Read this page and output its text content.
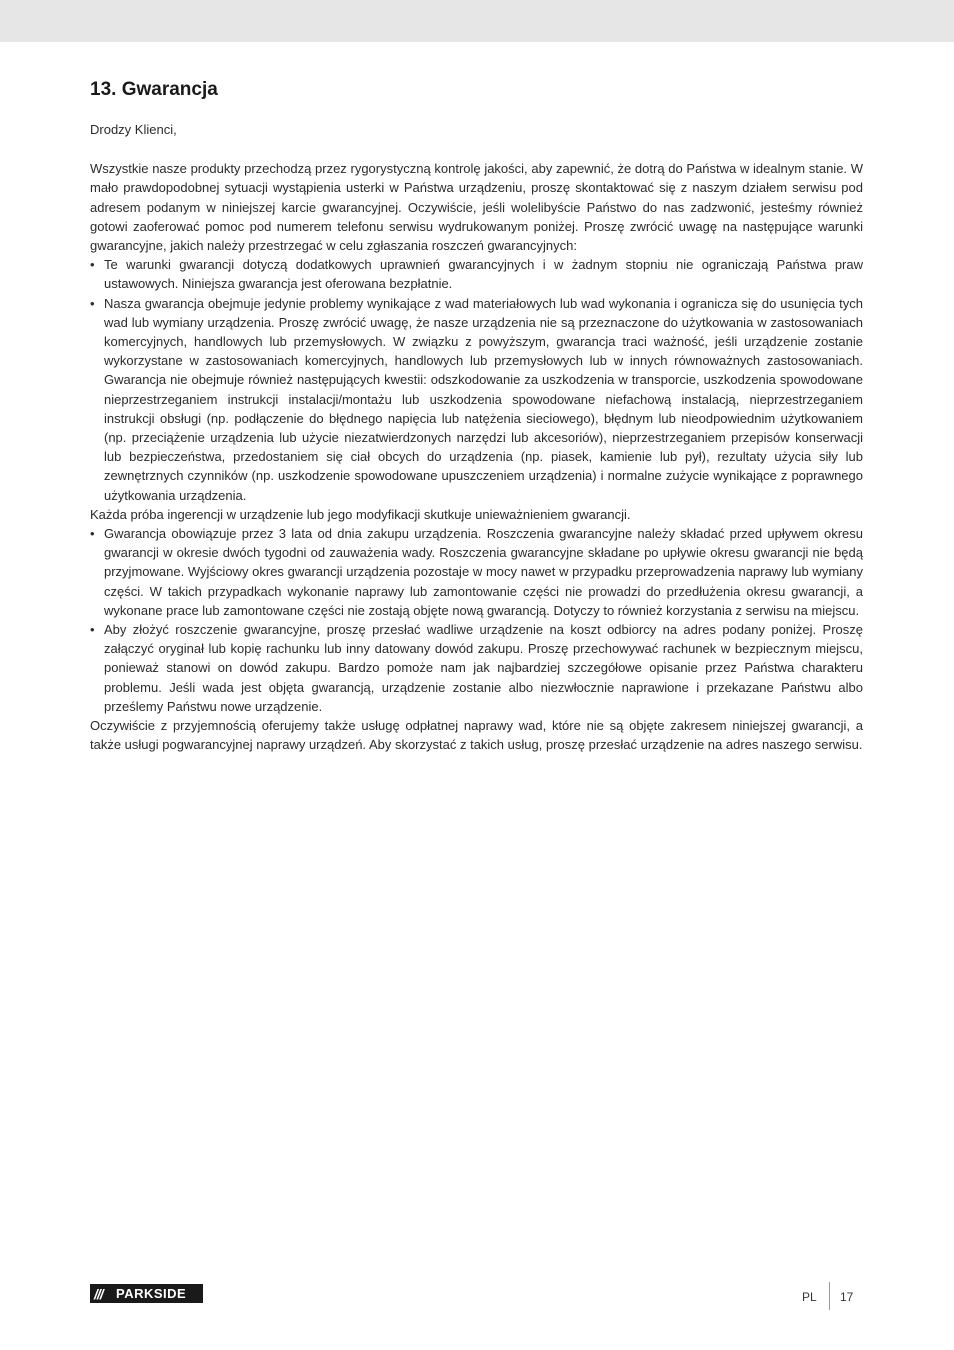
13. Gwarancja

Drodzy Klienci,

Wszystkie nasze produkty przechodzą przez rygorystyczną kontrolę jakości, aby zapewnić, że dotrą do Państwa w idealnym stanie. W mało prawdopodobnej sytuacji wystąpienia usterki w Państwa urządzeniu, proszę skontaktować się z naszym działem serwisu pod adresem podanym w niniejszej karcie gwarancyjnej. Oczywiście, jeśli wolelibyście Państwo do nas zadzwonić, jesteśmy również gotowi zaoferować pomoc pod numerem telefonu serwisu wydrukowanym poniżej. Proszę zwrócić uwagę na następujące warunki gwarancyjne, jakich należy przestrzegać w celu zgłaszania roszczeń gwarancyjnych:

• Te warunki gwarancji dotyczą dodatkowych uprawnień gwarancyjnych i w żadnym stopniu nie ograniczają Państwa praw ustawowych. Niniejsza gwarancja jest oferowana bezpłatnie.
• Nasza gwarancja obejmuje jedynie problemy wynikające z wad materiałowych lub wad wykonania i ogranicza się do usunięcia tych wad lub wymiany urządzenia. Proszę zwrócić uwagę, że nasze urządzenia nie są przeznaczone do użytkowania w zastosowaniach komercyjnych, handlowych lub przemysłowych. W związku z powyższym, gwarancja traci ważność, jeśli urządzenie zostanie wykorzystane w zastosowaniach komercyjnych, handlowych lub przemysłowych lub w innych równoważnych zastosowaniach. Gwarancja nie obejmuje również następujących kwestii: odszkodowanie za uszkodzenia w transporcie, uszkodzenia spowodowane nieprzestrzeganiem instrukcji instalacji/montażu lub uszkodzenia spowodowane niefachową instalacją, nieprzestrzeganiem instrukcji obsługi (np. podłączenie do błędnego napięcia lub natężenia sieciowego), błędnym lub nieodpowiednim użytkowaniem (np. przeciążenie urządzenia lub użycie niezatwierdzonych narzędzi lub akcesoriów), nieprzestrzeganiem przepisów konserwacji lub bezpieczeństwa, przedostaniem się ciał obcych do urządzenia (np. piasek, kamienie lub pył), rezultaty użycia siły lub zewnętrznych czynników (np. uszkodzenie spowodowane upuszczeniem urządzenia) i normalne zużycie wynikające z poprawnego użytkowania urządzenia.

Każda próba ingerencji w urządzenie lub jego modyfikacji skutkuje unieważnieniem gwarancji.

• Gwarancja obowiązuje przez 3 lata od dnia zakupu urządzenia. Roszczenia gwarancyjne należy składać przed upływem okresu gwarancji w okresie dwóch tygodni od zauważenia wady. Roszczenia gwarancyjne składane po upływie okresu gwarancji nie będą przyjmowane. Wyjściowy okres gwarancji urządzenia pozostaje w mocy nawet w przypadku przeprowadzenia naprawy lub wymiany części. W takich przypadkach wykonanie naprawy lub zamontowanie części nie prowadzi do przedłużenia okresu gwarancji, a wykonane prace lub zamontowane części nie zostają objęte nową gwarancją. Dotyczy to również korzystania z serwisu na miejscu.
• Aby złożyć roszczenie gwarancyjne, proszę przesłać wadliwe urządzenie na koszt odbiorcy na adres podany poniżej. Proszę załączyć oryginał lub kopię rachunku lub inny datowany dowód zakupu. Proszę przechowywać rachunek w bezpiecznym miejscu, ponieważ stanowi on dowód zakupu. Bardzo pomoże nam jak najbardziej szczegółowe opisanie przez Państwa charakteru problemu. Jeśli wada jest objęta gwarancją, urządzenie zostanie albo niezwłocznie naprawione i przekazane Państwu albo prześlemy Państwu nowe urządzenie.

Oczywiście z przyjemnością oferujemy także usługę odpłatnej naprawy wad, które nie są objęte zakresem niniejszej gwarancji, a także usługi pogwarancyjnej naprawy urządzeń. Aby skorzystać z takich usług, proszę przesłać urządzenie na adres naszego serwisu.

///	PARKSIDE	PL 17
